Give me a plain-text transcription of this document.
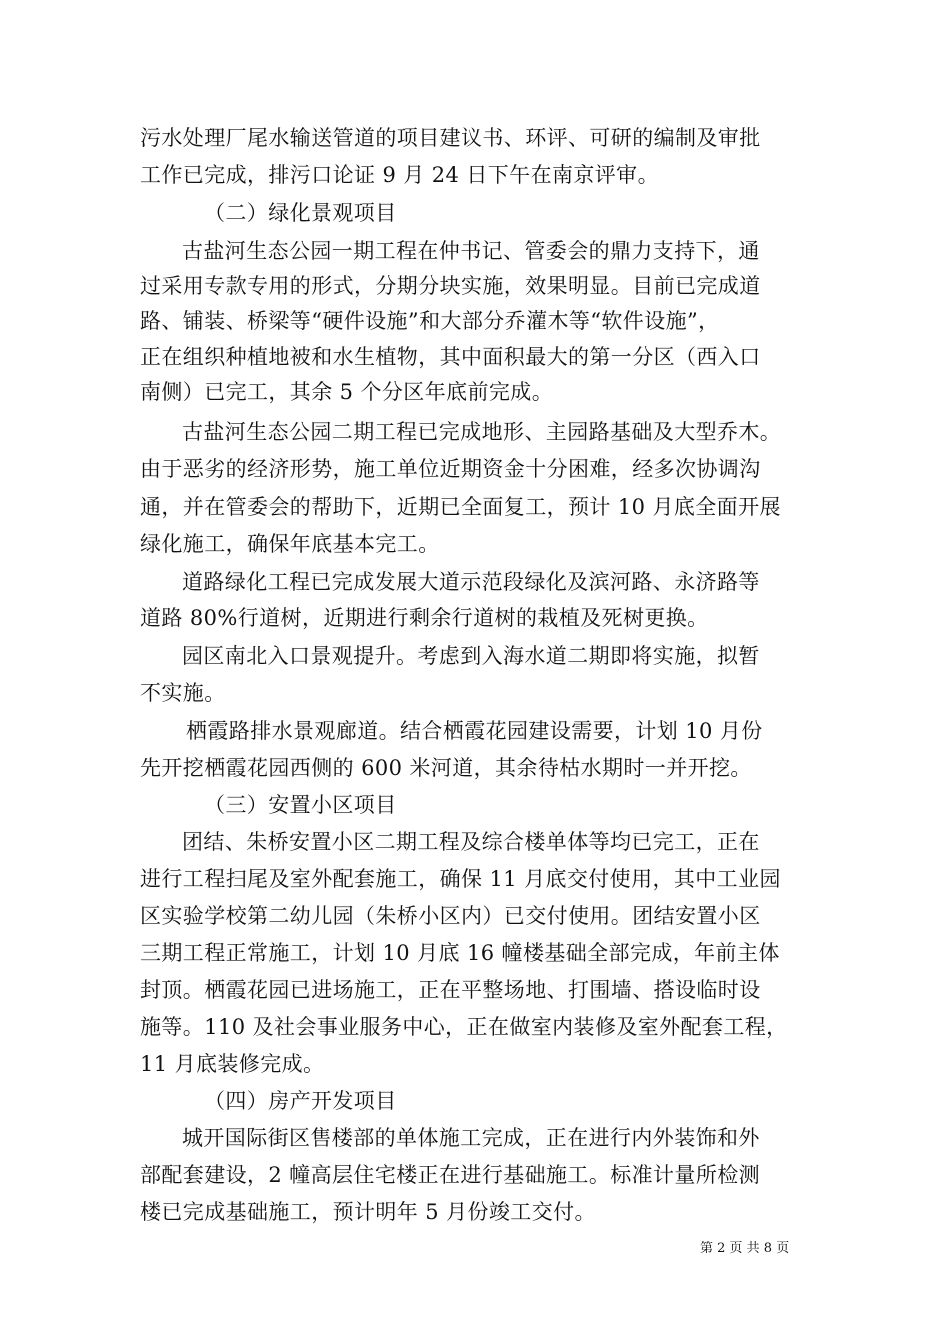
污水处理厂尾水输送管道的项目建议书、环评、可研的编制及审批
工作已完成，排污口论证 9 月 24 日下午在南京评审。
（二）绿化景观项目
古盐河生态公园一期工程在仲书记、管委会的鼎力支持下，通
过采用专款专用的形式，分期分块实施，效果明显。目前已完成道
路、铺装、桥梁等“硬件设施”和大部分乔灌木等“软件设施”，
正在组织种植地被和水生植物，其中面积最大的第一分区（西入口
南侧）已完工，其余 5 个分区年底前完成。
古盐河生态公园二期工程已完成地形、主园路基础及大型乔木。
由于恶劣的经济形势，施工单位近期资金十分困难，经多次协调沟
通，并在管委会的帮助下，近期已全面复工，预计 10 月底全面开展
绿化施工，确保年底基本完工。
道路绿化工程已完成发展大道示范段绿化及滨河路、永济路等
道路 80%行道树，近期进行剩余行道树的栽植及死树更换。
园区南北入口景观提升。考虑到入海水道二期即将实施，拟暂
不实施。
栖霞路排水景观廊道。结合栖霞花园建设需要，计划 10 月份
先开挖栖霞花园西侧的 600 米河道，其余待枯水期时一并开挖。
（三）安置小区项目
团结、朱桥安置小区二期工程及综合楼单体等均已完工，正在
进行工程扫尾及室外配套施工，确保 11 月底交付使用，其中工业园
区实验学校第二幼儿园（朱桥小区内）已交付使用。团结安置小区
三期工程正常施工，计划 10 月底 16 幢楼基础全部完成，年前主体
封顶。栖霞花园已进场施工，正在平整场地、打围墙、搭设临时设
施等。110 及社会事业服务中心，正在做室内装修及室外配套工程，
11 月底装修完成。
（四）房产开发项目
城开国际街区售楼部的单体施工完成，正在进行内外装饰和外
部配套建设，2 幢高层住宅楼正在进行基础施工。标准计量所检测
楼已完成基础施工，预计明年 5 月份竣工交付。
第 2 页 共 8 页
